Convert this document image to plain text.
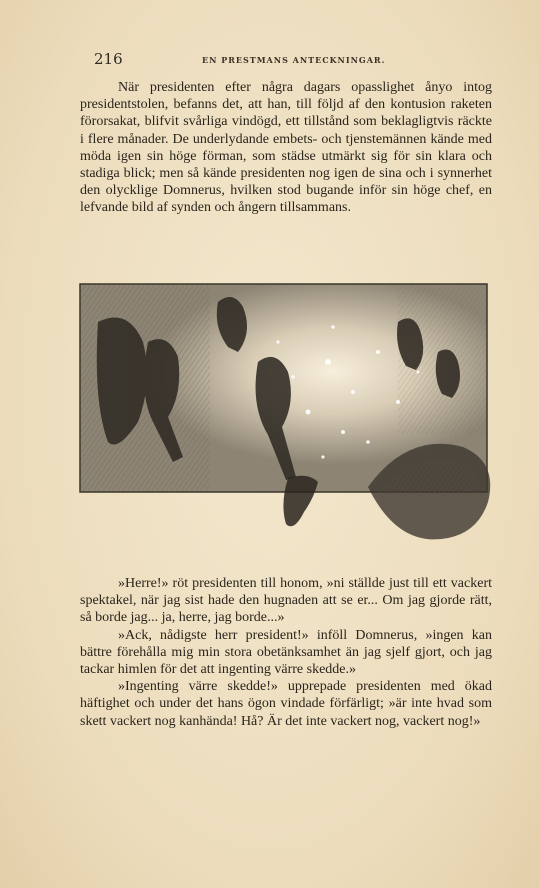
216	EN PRESTMANS ANTECKNINGAR.

När presidenten efter några dagars opasslighet ånyo intog presidentstolen, befanns det, att han, till följd af den kontusion raketen förorsakat, blifvit svårliga vindögd, ett tillstånd som beklagligtvis räckte i flere månader. De underlydande embets- och tjenstemännen kände med möda igen sin höge förman, som städse utmärkt sig för sin klara och stadiga blick; men så kände presidenten nog igen de sina och i synnerhet den olycklige Domnerus, hvilken stod bugande inför sin höge chef, en lefvande bild af synden och ångern tillsammans.

»Herre!» röt presidenten till honom, »ni ställde just till ett vackert spektakel, när jag sist hade den hugnaden att se er... Om jag gjorde rätt, så borde jag... ja, herre, jag borde...»

»Ack, nådigste herr president!» inföll Domnerus, »ingen kan bättre förehålla mig min stora obetänksamhet än jag sjelf gjort, och jag tackar himlen för det att ingenting värre skedde.»

»Ingenting värre skedde!» upprepade presidenten med ökad häftighet och under det hans ögon vindade förfärligt; »är inte hvad som skett vackert nog kanhända! Hå? Är det inte vackert nog, vackert nog!»
